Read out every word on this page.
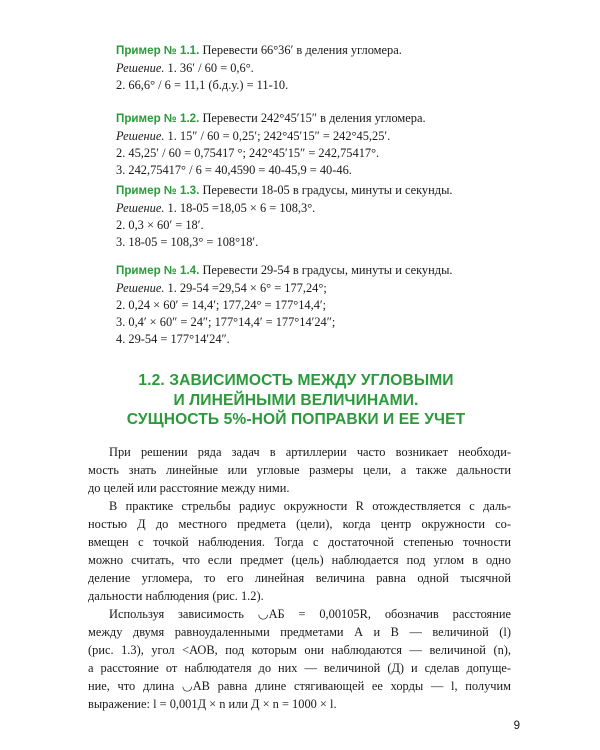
Пример № 1.1. Перевести 66°36′ в деления угломера.
Решение. 1. 36′ / 60 = 0,6°.
2. 66,6° / 6 = 11,1 (б.д.у.) = 11-10.
Пример № 1.2. Перевести 242°45′15″ в деления угломера.
Решение. 1. 15″ / 60 = 0,25′; 242°45′15″ = 242°45,25′.
2. 45,25′ / 60 = 0,75417 °; 242°45′15″ = 242,75417°.
3. 242,75417° / 6 = 40,4590 = 40-45,9 = 40-46.
Пример № 1.3. Перевести 18-05 в градусы, минуты и секунды.
Решение. 1. 18-05 =18,05 × 6 = 108,3°.
2. 0,3 × 60′ = 18′.
3. 18-05 = 108,3° = 108°18′.
Пример № 1.4. Перевести 29-54 в градусы, минуты и секунды.
Решение. 1. 29-54 =29,54 × 6° = 177,24°;
2. 0,24 × 60′ = 14,4′; 177,24° = 177°14,4′;
3. 0,4′ × 60″ = 24″; 177°14,4′ = 177°14′24″;
4. 29-54 = 177°14′24″.
1.2. ЗАВИСИМОСТЬ МЕЖДУ УГЛОВЫМИ
И ЛИНЕЙНЫМИ ВЕЛИЧИНАМИ.
СУЩНОСТЬ 5%-НОЙ ПОПРАВКИ И ЕЕ УЧЕТ

При решении ряда задач в артиллерии часто возникает необходи-
мость знать линейные или угловые размеры цели, а также дальности
до целей или расстояние между ними.

В практике стрельбы радиус окружности R отождествляется с даль-
ностью Д до местного предмета (цели), когда центр окружности со-
вмещен с точкой наблюдения. Тогда с достаточной степенью точности
можно считать, что если предмет (цель) наблюдается под углом в одно
деление угломера, то его линейная величина равна одной тысячной
дальности наблюдения (рис. 1.2).

Используя зависимость ◡АБ = 0,00105R, обозначив расстояние
между двумя равноудаленными предметами А и В — величиной (l)
(рис. 1.3), угол <АОВ, под которым они наблюдаются — величиной (n),
а расстояние от наблюдателя до них — величиной (Д) и сделав допуще-
ние, что длина ◡АВ равна длине стягивающей ее хорды — l, получим
выражение: l = 0,001Д × n или Д × n = 1000 × l.

9
